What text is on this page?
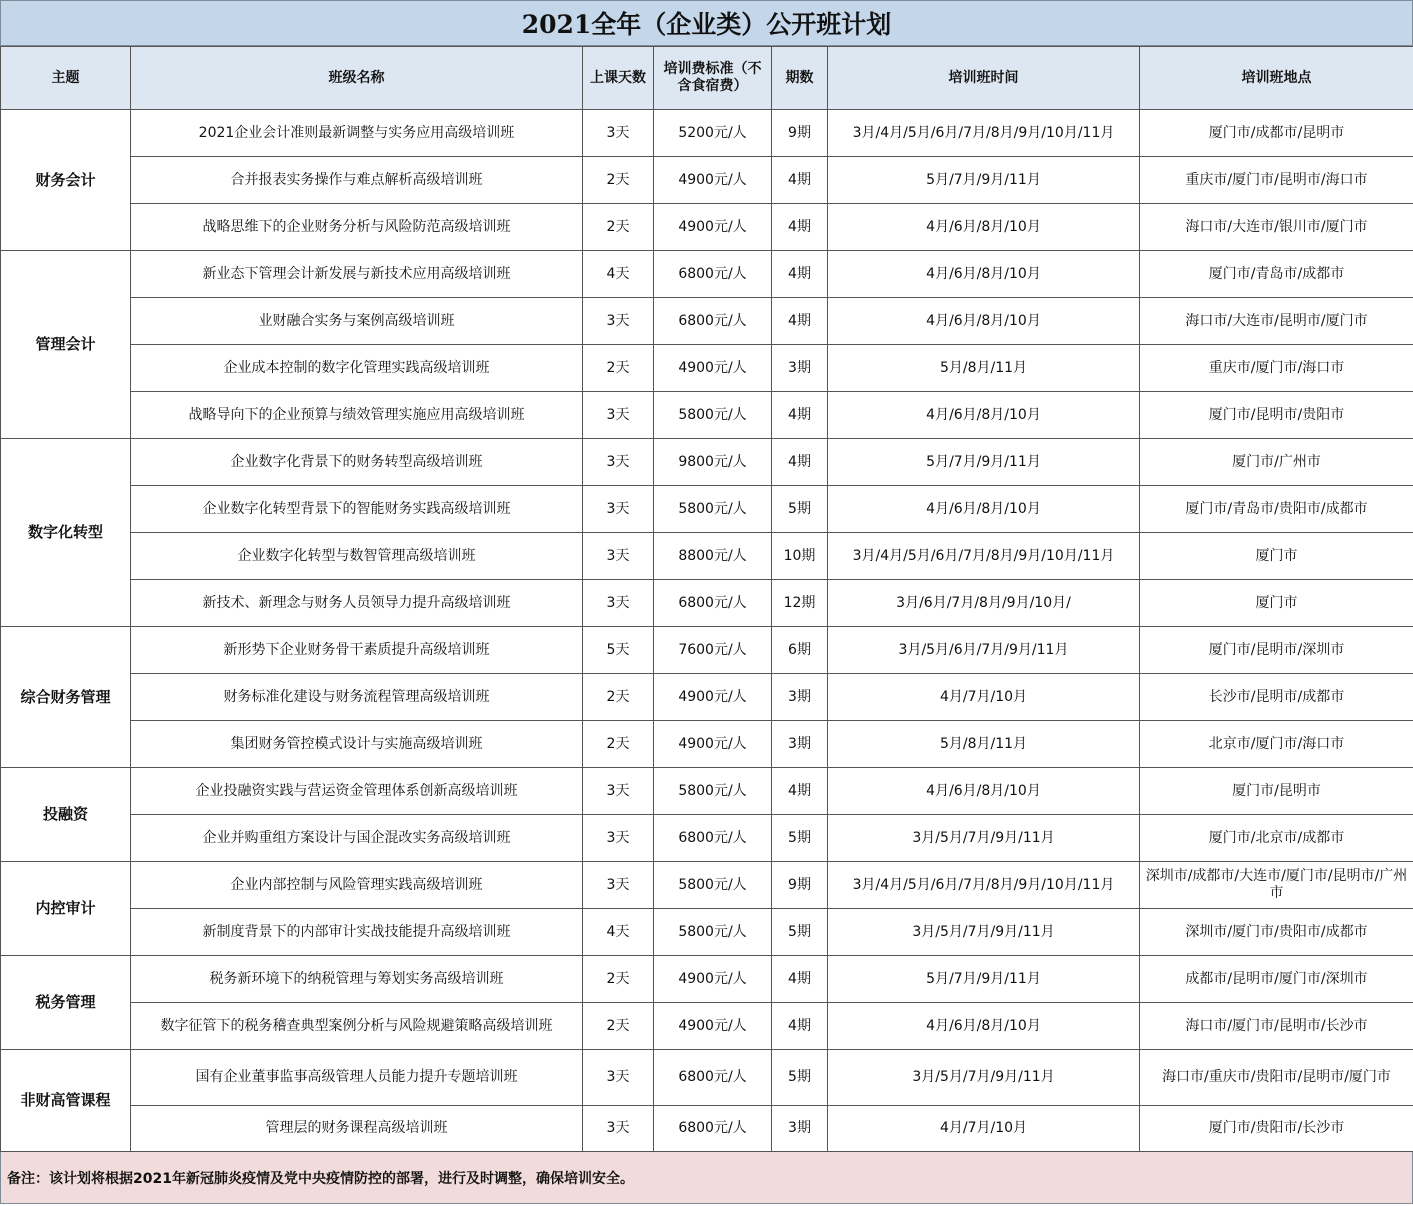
2021全年（企业类）公开班计划
主题	班级名称	上课天数	培训费标准（不含食宿费）	期数	培训班时间	培训班地点
财务会计	2021企业会计准则最新调整与实务应用高级培训班	3天	5200元/人	9期	3月/4月/5月/6月/7月/8月/9月/10月/11月	厦门市/成都市/昆明市
	合并报表实务操作与难点解析高级培训班	2天	4900元/人	4期	5月/7月/9月/11月	重庆市/厦门市/昆明市/海口市
	战略思维下的企业财务分析与风险防范高级培训班	2天	4900元/人	4期	4月/6月/8月/10月	海口市/大连市/银川市/厦门市
管理会计	新业态下管理会计新发展与新技术应用高级培训班	4天	6800元/人	4期	4月/6月/8月/10月	厦门市/青岛市/成都市
	业财融合实务与案例高级培训班	3天	6800元/人	4期	4月/6月/8月/10月	海口市/大连市/昆明市/厦门市
	企业成本控制的数字化管理实践高级培训班	2天	4900元/人	3期	5月/8月/11月	重庆市/厦门市/海口市
	战略导向下的企业预算与绩效管理实施应用高级培训班	3天	5800元/人	4期	4月/6月/8月/10月	厦门市/昆明市/贵阳市
数字化转型	企业数字化背景下的财务转型高级培训班	3天	9800元/人	4期	5月/7月/9月/11月	厦门市/广州市
	企业数字化转型背景下的智能财务实践高级培训班	3天	5800元/人	5期	4月/6月/8月/10月	厦门市/青岛市/贵阳市/成都市
	企业数字化转型与数智管理高级培训班	3天	8800元/人	10期	3月/4月/5月/6月/7月/8月/9月/10月/11月	厦门市
	新技术、新理念与财务人员领导力提升高级培训班	3天	6800元/人	12期	3月/6月/7月/8月/9月/10月/	厦门市
综合财务管理	新形势下企业财务骨干素质提升高级培训班	5天	7600元/人	6期	3月/5月/6月/7月/9月/11月	厦门市/昆明市/深圳市
	财务标准化建设与财务流程管理高级培训班	2天	4900元/人	3期	4月/7月/10月	长沙市/昆明市/成都市
	集团财务管控模式设计与实施高级培训班	2天	4900元/人	3期	5月/8月/11月	北京市/厦门市/海口市
投融资	企业投融资实践与营运资金管理体系创新高级培训班	3天	5800元/人	4期	4月/6月/8月/10月	厦门市/昆明市
	企业并购重组方案设计与国企混改实务高级培训班	3天	6800元/人	5期	3月/5月/7月/9月/11月	厦门市/北京市/成都市
内控审计	企业内部控制与风险管理实践高级培训班	3天	5800元/人	9期	3月/4月/5月/6月/7月/8月/9月/10月/11月	深圳市/成都市/大连市/厦门市/昆明市/广州市
	新制度背景下的内部审计实战技能提升高级培训班	4天	5800元/人	5期	3月/5月/7月/9月/11月	深圳市/厦门市/贵阳市/成都市
税务管理	税务新环境下的纳税管理与筹划实务高级培训班	2天	4900元/人	4期	5月/7月/9月/11月	成都市/昆明市/厦门市/深圳市
	数字征管下的税务稽查典型案例分析与风险规避策略高级培训班	2天	4900元/人	4期	4月/6月/8月/10月	海口市/厦门市/昆明市/长沙市
非财高管课程	国有企业董事监事高级管理人员能力提升专题培训班	3天	6800元/人	5期	3月/5月/7月/9月/11月	海口市/重庆市/贵阳市/昆明市/厦门市
	管理层的财务课程高级培训班	3天	6800元/人	3期	4月/7月/10月	厦门市/贵阳市/长沙市
备注：该计划将根据2021年新冠肺炎疫情及党中央疫情防控的部署，进行及时调整，确保培训安全。
